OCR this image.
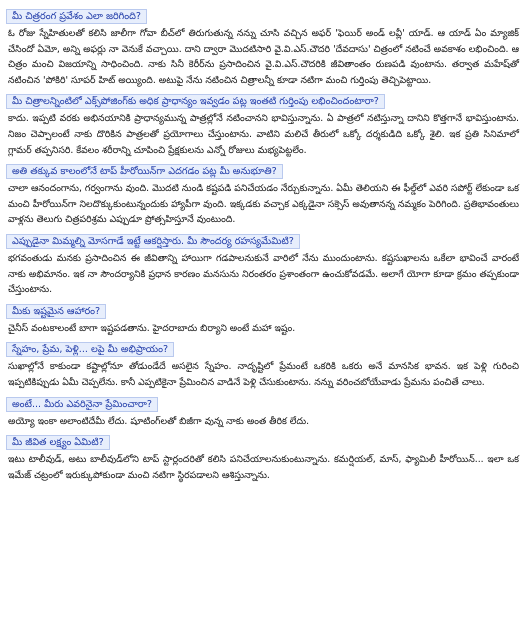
మీ చిత్రరంగ ప్రవేశం ఎలా జరిగింది?

ఓ రోజు స్నేహితులతో కలిసి జాలీగా గోవా బీచ్‌లో తిరుగుతున్న నన్ను చూసి వచ్చిన అఫర్ 'ఫెయిర్ అండ్ లవ్లీ' యాడ్. ఆ యాడ్ ఏం మ్యాజిక్ చేసిందో ఏమో, అన్ని అఫర్లు నా వెనుకే వచ్చాయి. దాని ద్వారా మొదటిసారి వై.వి.ఎస్.చౌదరి 'దేవదాసు' చిత్రంలో నటించే అవకాశం లభించింది. ఆ చిత్రం మంచి విజయాన్ని సాధించింది. నాకు సినీ కెరీర్‌ను ప్రసాదించిన వై.వి.ఎస్.చౌదరికి జీవితాంతం రుణపడి వుంటాను. తర్వాత మహేష్‌తో నటించిన 'పోకిరి' సూపర్ హిట్ అయ్యింది. అటుపై నేను నటించిన చిత్రాలన్నీ కూడా నటిగా మంచి గుర్తింపు తెచ్చిపెట్టాయి.

మీ చిత్రాలన్నింటిలో ఎక్స్‌పోజింగ్‌కు అధిక ప్రాధాన్యం ఇవ్వడం పట్ల ఇంతటి గుర్తింపు లభించిందంటారా?

కాదు. ఇప్పటి వరకు అభినయానికి ప్రాధాన్యమున్న పాత్రల్లోనే నటించానని భావిస్తున్నాను. ఏ పాత్రలో నటిస్తున్నా దానిని కొత్తగానే భావిస్తుంటాను. నిజం చెప్పాలంటే నాకు దొరికిన పాత్రలతో ప్రయోగాలు చేస్తుంటాను. వాటిని మలిచే తీరులో ఒక్కో దర్శకుడిది ఒక్కో శైలి. ఇక ప్రతి సినిమాలో గ్లామర్ తప్పనిసరి. కేవలం శరీరాన్ని చూపించి ప్రేక్షకులను ఎన్నో రోజులు మభ్యపెట్టలేం.

అతి తక్కువ కాలంలోనే టాప్ హీరోయిన్‌గా ఎదగడం పట్ల మీ అనుభూతి?

చాలా ఆనందంగాను, గర్వంగాను వుంది. మొదటి నుండి కష్టపడి పనిచేయడం నేర్చుకున్నాను. ఏమీ తెలియని ఈ ఫీల్డ్‌లో ఎవరి సపోర్ట్ లేకుండా ఒక మంచి హీరోయిన్‌గా నిలదొక్కుకుంటున్నందుకు హ్యాపీగా వుంది. ఇక్కడకు వచ్చాక ఎక్కడైనా సక్సెస్ అవుతానన్న నమ్మకం పెరిగింది. ప్రతిభావంతులు వాళ్లను తెలుగు చిత్రపరిశ్రమ ఎప్పుడూ ప్రోత్సహిస్తూనే వుంటుంది.

ఎప్పుడైనా మిమ్మల్ని మోసగాడే ఇట్టే ఆకర్షిస్తారు. మీ సౌందర్య రహస్యమేమిటి?

భగవంతుడు మనకు ప్రసాదించిన ఈ జీవితాన్ని హాయిగా గడపాలనుకునే వారిలో నేను ముందుంటాను. కష్టసుఖాలను ఒకేలా భావించే వారంటే నాకు అభిమానం. ఇక నా సౌందర్యానికి ప్రధాన కారణం మనసును నిరంతరం ప్రశాంతంగా ఉంచుకోవడమే. అలాగే యోగా కూడా క్రమం తప్పకుండా చేస్తుంటాను.

మీకు ఇష్టమైన ఆహారం?

చైనీస్ వంటకాలంటే బాగా ఇష్టపడతాను. హైదరాబాదు బిర్యాని అంటే మహా ఇష్టం.

స్నేహం, ప్రేమ, పెళ్లి... లపై మీ అభిప్రాయం?

సుఖాల్లోనే కాకుండా కష్టాల్లోనూ తోడుండేదే అసలైన స్నేహం. నాదృష్టిలో ప్రేమంటే ఒకరికి ఒకరు అనే మానసిక భావన. ఇక పెళ్లి గురించి ఇప్పటికిప్పుడు ఏమీ చెప్పలేను. కానీ ఎప్పటికైనా ప్రేమించిన వాడినే పెళ్లి చేసుకుంటాను. నన్ను వరించబోయేవాడు ప్రేమను పంచితే చాలు.

అంటే... మీరు ఎవరినైనా ప్రేమించారా?

అయ్యో ఇంకా అలాంటిదేమీ లేదు. షూటింగ్‌లతో బిజీగా వున్న నాకు అంత తీరిక లేదు.

మీ జీవిత లక్ష్యం ఏమిటి?

ఇటు టాలీవుడ్, అటు బాలీవుడ్‌లోని టాప్ స్టార్లందరితో కలిసి పనిచేయాలనుకుంటున్నాను. కమర్షియల్, మాస్, ఫ్యామిలీ హీరోయిన్... ఇలా ఒక ఇమేజ్ చట్రంలో ఇరుక్కుపోకుండా మంచి నటిగా స్థిరపడాలని ఆశిస్తున్నాను.
